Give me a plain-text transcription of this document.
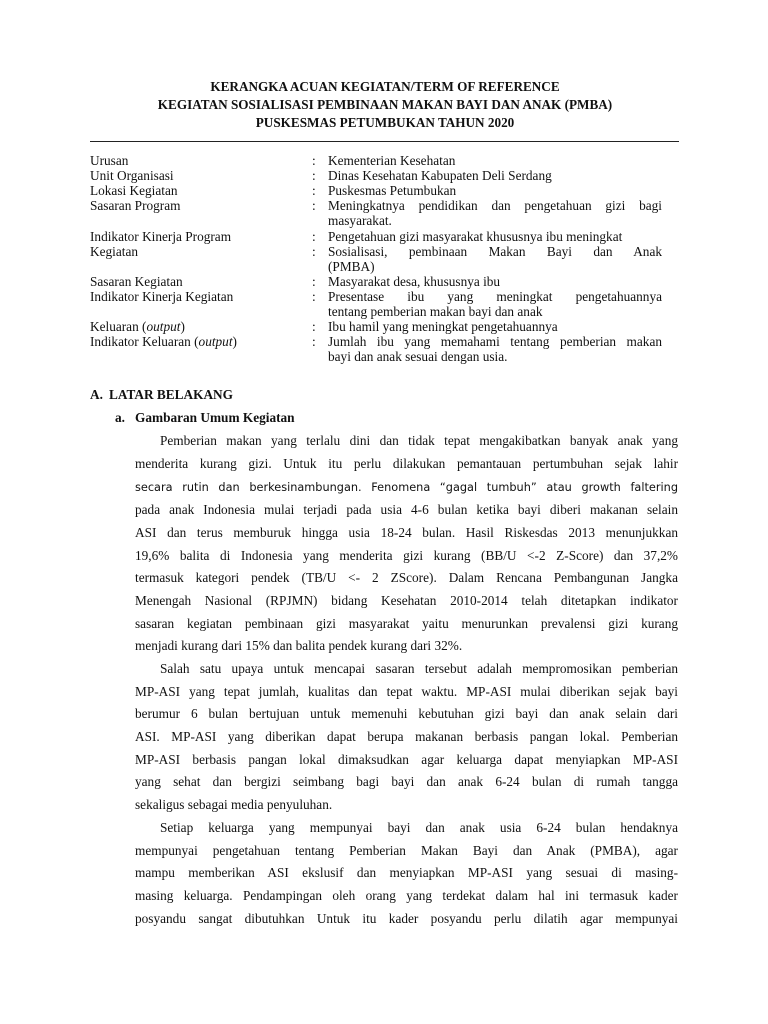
KERANGKA ACUAN KEGIATAN/TERM OF REFERENCE
KEGIATAN SOSIALISASI PEMBINAAN MAKAN BAYI DAN ANAK (PMBA)
PUSKESMAS PETUMBUKAN TAHUN 2020
Urusan	: Kementerian Kesehatan
Unit Organisasi	: Dinas Kesehatan Kabupaten Deli Serdang
Lokasi Kegiatan	: Puskesmas Petumbukan
Sasaran Program	: Meningkatnya pendidikan dan pengetahuan gizi bagi
masyarakat.
Indikator Kinerja Program	: Pengetahuan gizi masyarakat khususnya ibu meningkat
Kegiatan	: Sosialisasi, pembinaan Makan Bayi dan Anak
(PMBA)
Sasaran Kegiatan	: Masyarakat desa, khususnya ibu
Indikator Kinerja Kegiatan	: Presentase ibu yang meningkat pengetahuannya
tentang pemberian makan bayi dan anak
Keluaran (output)	: Ibu hamil yang meningkat pengetahuannya
Indikator Keluaran (output)	: Jumlah ibu yang memahami tentang pemberian makan
bayi dan anak sesuai dengan usia.
A. LATAR BELAKANG
a. Gambaran Umum Kegiatan
Pemberian makan yang terlalu dini dan tidak tepat mengakibatkan banyak anak yang
menderita kurang gizi. Untuk itu perlu dilakukan pemantauan pertumbuhan sejak lahir
secara rutin dan berkesinambungan. Fenomena “gagal tumbuh” atau growth faltering
pada anak Indonesia mulai terjadi pada usia 4-6 bulan ketika bayi diberi makanan selain
ASI dan terus memburuk hingga usia 18-24 bulan. Hasil Riskesdas 2013 menunjukkan
19,6% balita di Indonesia yang menderita gizi kurang (BB/U <-2 Z-Score) dan 37,2%
termasuk kategori pendek (TB/U <- 2 ZScore). Dalam Rencana Pembangunan Jangka
Menengah Nasional (RPJMN) bidang Kesehatan 2010-2014 telah ditetapkan indikator
sasaran kegiatan pembinaan gizi masyarakat yaitu menurunkan prevalensi gizi kurang
menjadi kurang dari 15% dan balita pendek kurang dari 32%.
Salah satu upaya untuk mencapai sasaran tersebut adalah mempromosikan pemberian
MP-ASI yang tepat jumlah, kualitas dan tepat waktu. MP-ASI mulai diberikan sejak bayi
berumur 6 bulan bertujuan untuk memenuhi kebutuhan gizi bayi dan anak selain dari
ASI. MP-ASI yang diberikan dapat berupa makanan berbasis pangan lokal. Pemberian
MP-ASI berbasis pangan lokal dimaksudkan agar keluarga dapat menyiapkan MP-ASI
yang sehat dan bergizi seimbang bagi bayi dan anak 6-24 bulan di rumah tangga
sekaligus sebagai media penyuluhan.
Setiap keluarga yang mempunyai bayi dan anak usia 6-24 bulan hendaknya
mempunyai pengetahuan tentang Pemberian Makan Bayi dan Anak (PMBA), agar
mampu memberikan ASI ekslusif dan menyiapkan MP-ASI yang sesuai di masing-
masing keluarga. Pendampingan oleh orang yang terdekat dalam hal ini termasuk kader
posyandu sangat dibutuhkan Untuk itu kader posyandu perlu dilatih agar mempunyai
